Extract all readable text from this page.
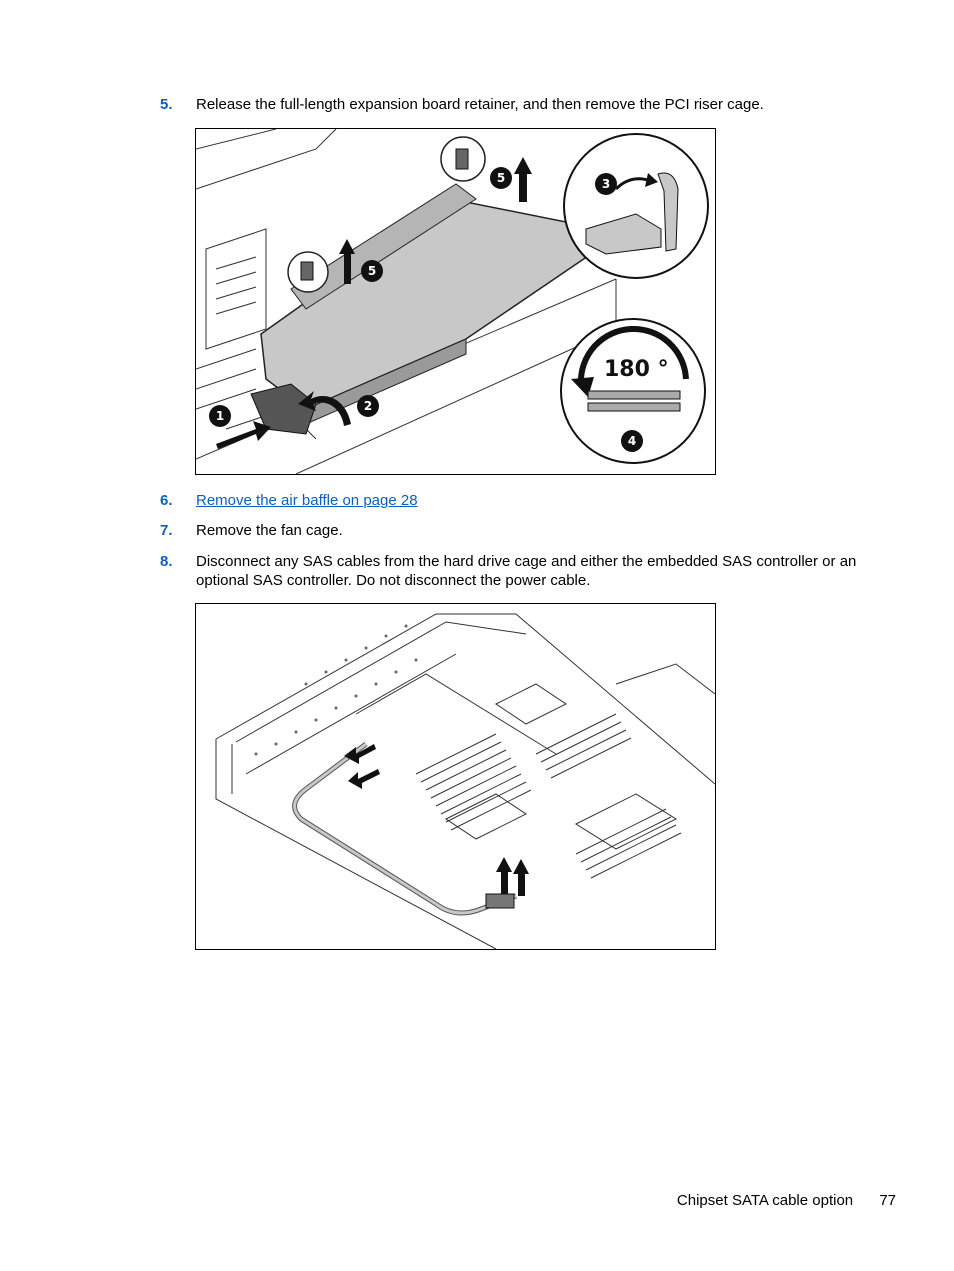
5. Release the full-length expansion board retainer, and then remove the PCI riser cage.
180 °
1
2
3
4
5
5
6. Remove the air baffle on page 28
7. Remove the fan cage.
8. Disconnect any SAS cables from the hard drive cage and either the embedded SAS controller or an optional SAS controller. Do not disconnect the power cable.
Chipset SATA cable option 77
